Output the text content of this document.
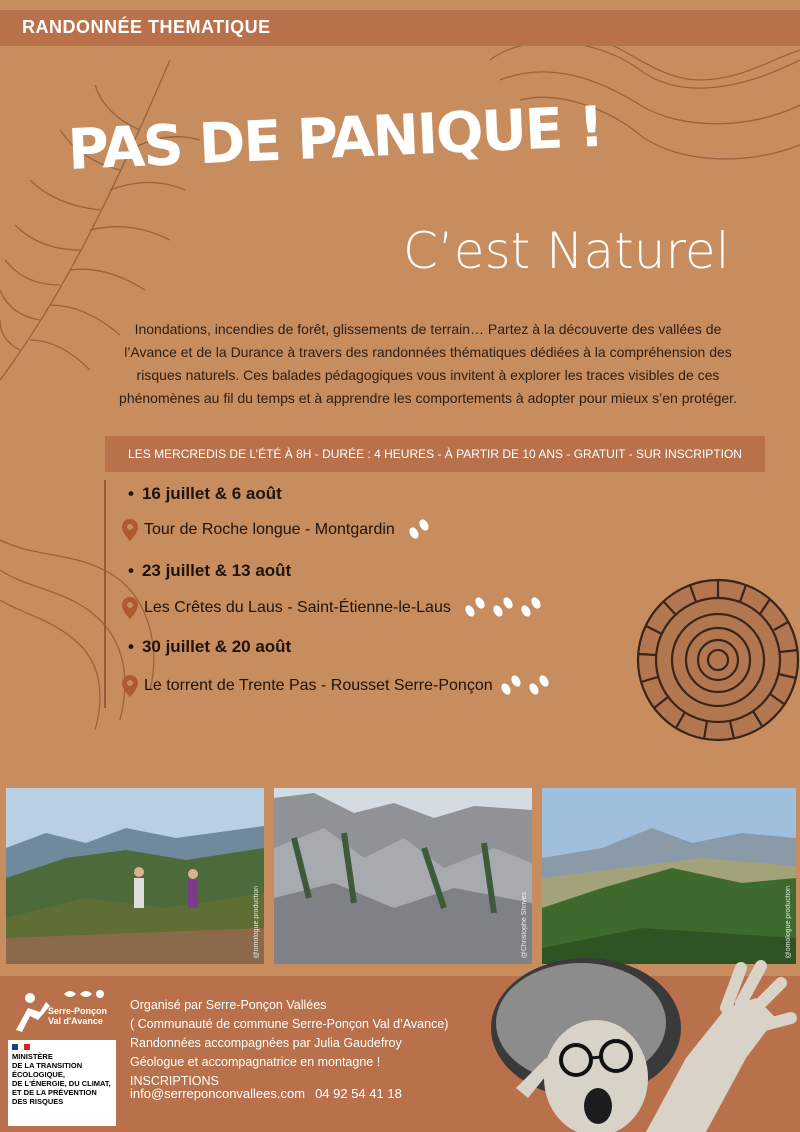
RANDONNÉE THEMATIQUE
PAS DE PANIQUE !
C’est Naturel
Inondations, incendies de forêt, glissements de terrain… Partez à la découverte des vallées de
l’Avance et de la Durance à travers des randonnées thématiques dédiées à la compréhension des
risques naturels. Ces balades pédagogiques vous invitent à explorer les traces visibles de ces
phénomènes au fil du temps et à apprendre les comportements à adopter pour mieux s’en protéger.
LES MERCREDIS DE L’ÉTÉ À 8H - DURÉE : 4 HEURES - À PARTIR DE 10 ANS - GRATUIT - SUR INSCRIPTION
• 16 juillet & 6 août
Tour de Roche longue - Montgardin
• 23 juillet & 13 août
Les Crêtes du Laus - Saint-Étienne-le-Laus
• 30 juillet & 20 août
Le torrent de Trente Pas - Rousset Serre-Ponçon
@omologue production	@Christophe Shrives	@omologue production
Serre-Ponçon
Val d'Avance
MINISTÈRE
DE LA TRANSITION
ÉCOLOGIQUE,
DE L'ÉNERGIE, DU CLIMAT,
ET DE LA PRÉVENTION
DES RISQUES
Organisé par Serre-Ponçon Vallées
( Communauté de commune Serre-Ponçon Val d’Avance)
Randonnées accompagnées par Julia Gaudefroy
Géologue et accompagnatrice en montagne !
INSCRIPTIONS
info@serreponconvallees.com 04 92 54 41 18
